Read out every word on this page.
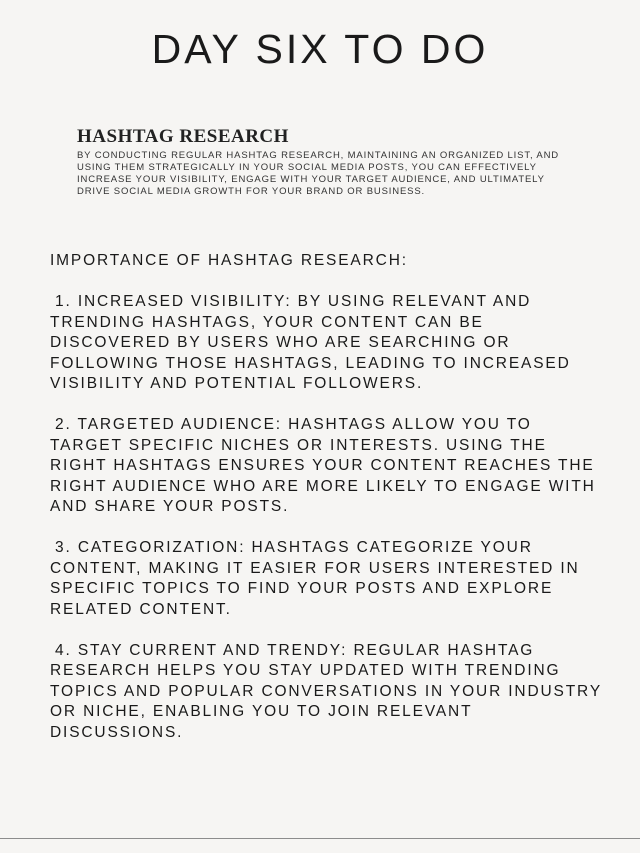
DAY SIX TO DO
HASHTAG RESEARCH

BY CONDUCTING REGULAR HASHTAG RESEARCH, MAINTAINING AN ORGANIZED LIST, AND USING THEM STRATEGICALLY IN YOUR SOCIAL MEDIA POSTS, YOU CAN EFFECTIVELY INCREASE YOUR VISIBILITY, ENGAGE WITH YOUR TARGET AUDIENCE, AND ULTIMATELY DRIVE SOCIAL MEDIA GROWTH FOR YOUR BRAND OR BUSINESS.

IMPORTANCE OF HASHTAG RESEARCH:

1. INCREASED VISIBILITY: BY USING RELEVANT AND TRENDING HASHTAGS, YOUR CONTENT CAN BE DISCOVERED BY USERS WHO ARE SEARCHING OR FOLLOWING THOSE HASHTAGS, LEADING TO INCREASED VISIBILITY AND POTENTIAL FOLLOWERS.

2. TARGETED AUDIENCE: HASHTAGS ALLOW YOU TO TARGET SPECIFIC NICHES OR INTERESTS. USING THE RIGHT HASHTAGS ENSURES YOUR CONTENT REACHES THE RIGHT AUDIENCE WHO ARE MORE LIKELY TO ENGAGE WITH AND SHARE YOUR POSTS.

3. CATEGORIZATION: HASHTAGS CATEGORIZE YOUR CONTENT, MAKING IT EASIER FOR USERS INTERESTED IN SPECIFIC TOPICS TO FIND YOUR POSTS AND EXPLORE RELATED CONTENT.

4. STAY CURRENT AND TRENDY: REGULAR HASHTAG RESEARCH HELPS YOU STAY UPDATED WITH TRENDING TOPICS AND POPULAR CONVERSATIONS IN YOUR INDUSTRY OR NICHE, ENABLING YOU TO JOIN RELEVANT DISCUSSIONS.
